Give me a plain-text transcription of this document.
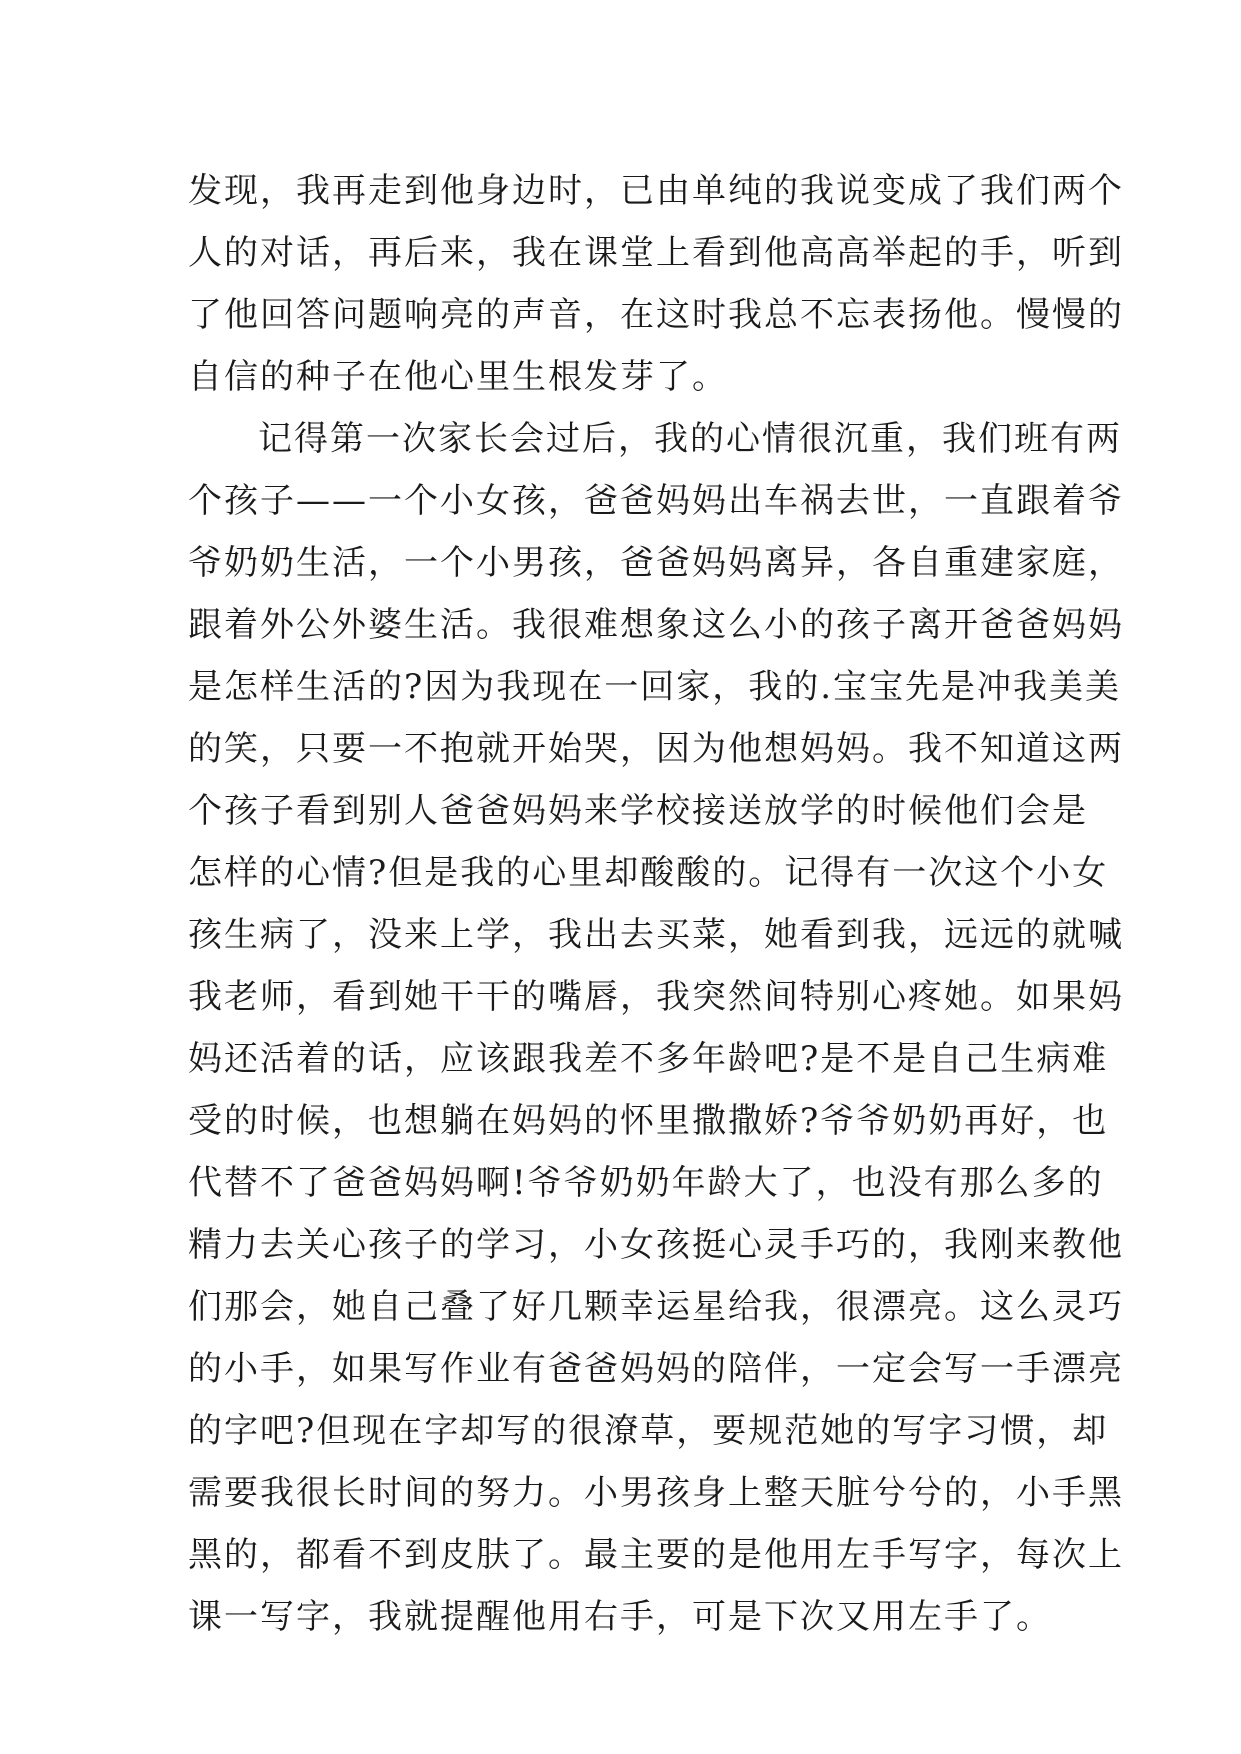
发现，我再走到他身边时，已由单纯的我说变成了我们两个
人的对话，再后来，我在课堂上看到他高高举起的手，听到
了他回答问题响亮的声音，在这时我总不忘表扬他。慢慢的
自信的种子在他心里生根发芽了。
记得第一次家长会过后，我的心情很沉重，我们班有两
个孩子——一个小女孩，爸爸妈妈出车祸去世，一直跟着爷
爷奶奶生活，一个小男孩，爸爸妈妈离异，各自重建家庭，
跟着外公外婆生活。我很难想象这么小的孩子离开爸爸妈妈
是怎样生活的?因为我现在一回家，我的.宝宝先是冲我美美
的笑，只要一不抱就开始哭，因为他想妈妈。我不知道这两
个孩子看到别人爸爸妈妈来学校接送放学的时候他们会是
怎样的心情?但是我的心里却酸酸的。记得有一次这个小女
孩生病了，没来上学，我出去买菜，她看到我，远远的就喊
我老师，看到她干干的嘴唇，我突然间特别心疼她。如果妈
妈还活着的话，应该跟我差不多年龄吧?是不是自己生病难
受的时候，也想躺在妈妈的怀里撒撒娇?爷爷奶奶再好，也
代替不了爸爸妈妈啊!爷爷奶奶年龄大了，也没有那么多的
精力去关心孩子的学习，小女孩挺心灵手巧的，我刚来教他
们那会，她自己叠了好几颗幸运星给我，很漂亮。这么灵巧
的小手，如果写作业有爸爸妈妈的陪伴，一定会写一手漂亮
的字吧?但现在字却写的很潦草，要规范她的写字习惯，却
需要我很长时间的努力。小男孩身上整天脏兮兮的，小手黑
黑的，都看不到皮肤了。最主要的是他用左手写字，每次上
课一写字，我就提醒他用右手，可是下次又用左手了。
